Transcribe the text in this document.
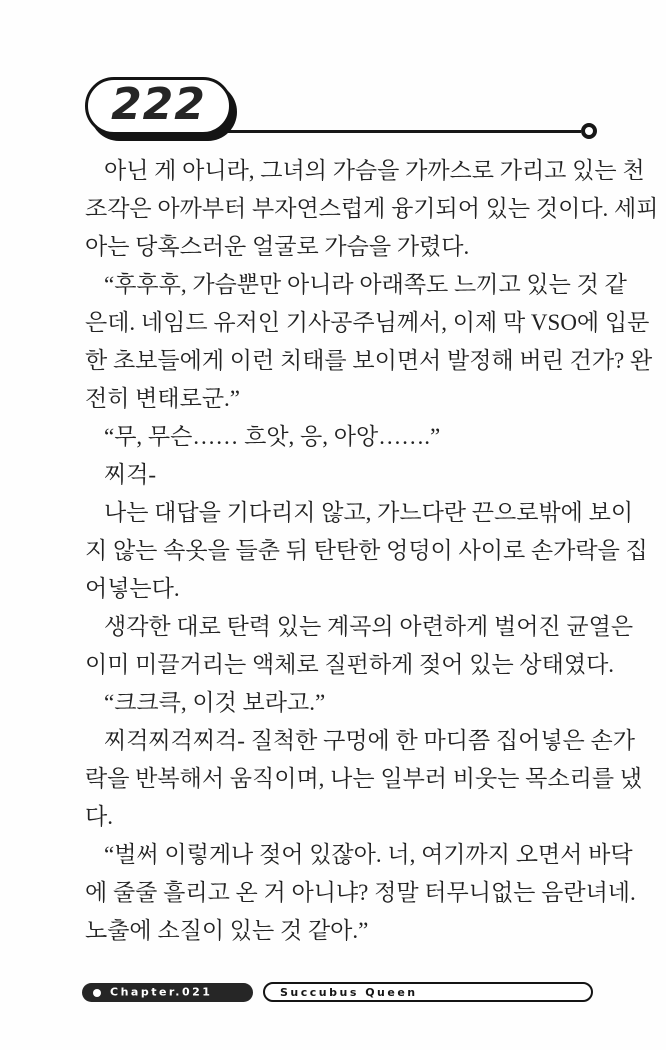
222
아닌 게 아니라, 그녀의 가슴을 가까스로 가리고 있는 천
조각은 아까부터 부자연스럽게 융기되어 있는 것이다. 세피
아는 당혹스러운 얼굴로 가슴을 가렸다.
“후후후, 가슴뿐만 아니라 아래쪽도 느끼고 있는 것 같
은데. 네임드 유저인 기사공주님께서, 이제 막 VSO에 입문
한 초보들에게 이런 치태를 보이면서 발정해 버린 건가? 완
전히 변태로군.”
“무, 무슨…… 흐앗, 응, 아앙…….”
찌걱-
나는 대답을 기다리지 않고, 가느다란 끈으로밖에 보이
지 않는 속옷을 들춘 뒤 탄탄한 엉덩이 사이로 손가락을 집
어넣는다.
생각한 대로 탄력 있는 계곡의 아련하게 벌어진 균열은
이미 미끌거리는 액체로 질펀하게 젖어 있는 상태였다.
“크크큭, 이것 보라고.”
찌걱찌걱찌걱- 질척한 구멍에 한 마디쯤 집어넣은 손가
락을 반복해서 움직이며, 나는 일부러 비웃는 목소리를 냈
다.
“벌써 이렇게나 젖어 있잖아. 너, 여기까지 오면서 바닥
에 줄줄 흘리고 온 거 아니냐? 정말 터무니없는 음란녀네.
노출에 소질이 있는 것 같아.”
Chapter.021	Succubus Queen
